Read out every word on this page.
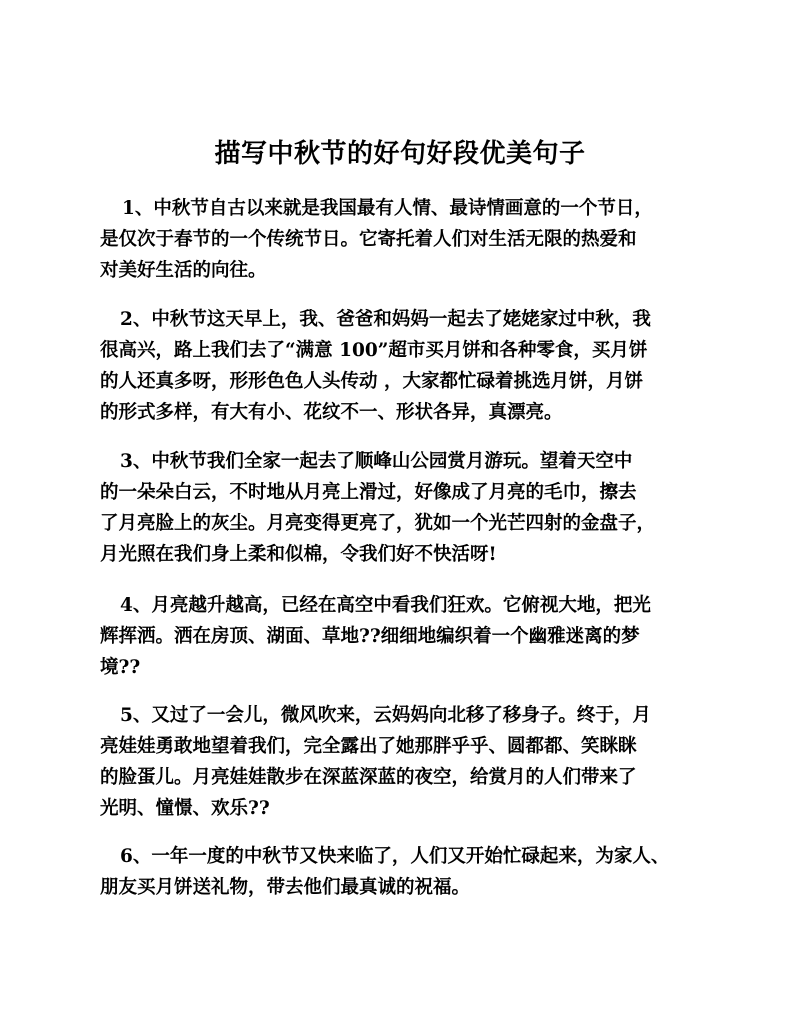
描写中秋节的好句好段优美句子
1、中秋节自古以来就是我国最有人情、最诗情画意的一个节日，
是仅次于春节的一个传统节日。它寄托着人们对生活无限的热爱和
对美好生活的向往。
2、中秋节这天早上，我、爸爸和妈妈一起去了姥姥家过中秋，我
很高兴，路上我们去了“满意 100”超市买月饼和各种零食，买月饼
的人还真多呀，形形色色人头传动 ，大家都忙碌着挑选月饼，月饼
的形式多样，有大有小、花纹不一、形状各异，真漂亮。
3、中秋节我们全家一起去了顺峰山公园赏月游玩。望着天空中
的一朵朵白云，不时地从月亮上滑过，好像成了月亮的毛巾，擦去
了月亮脸上的灰尘。月亮变得更亮了，犹如一个光芒四射的金盘子，
月光照在我们身上柔和似棉，令我们好不快活呀!
4、月亮越升越高，已经在高空中看我们狂欢。它俯视大地，把光
辉挥洒。洒在房顶、湖面、草地??细细地编织着一个幽雅迷离的梦
境??
5、又过了一会儿，微风吹来，云妈妈向北移了移身子。终于，月
亮娃娃勇敢地望着我们，完全露出了她那胖乎乎、圆都都、笑眯眯
的脸蛋儿。月亮娃娃散步在深蓝深蓝的夜空，给赏月的人们带来了
光明、憧憬、欢乐??
6、一年一度的中秋节又快来临了，人们又开始忙碌起来，为家人、
朋友买月饼送礼物，带去他们最真诚的祝福。
